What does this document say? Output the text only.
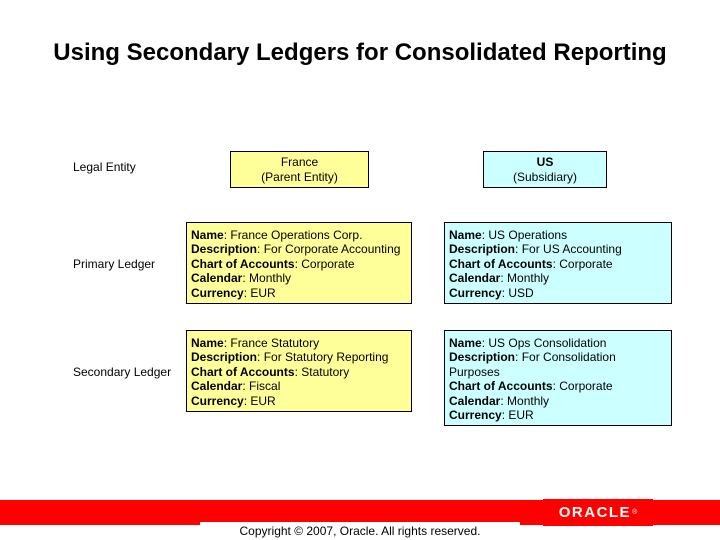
Using Secondary Ledgers for Consolidated Reporting
Legal Entity
Primary Ledger
Secondary Ledger
France
(Parent Entity)
US
(Subsidiary)
Name: France Operations Corp.
Description: For Corporate Accounting
Chart of Accounts: Corporate
Calendar: Monthly
Currency: EUR
Name: US Operations
Description: For US Accounting
Chart of Accounts: Corporate
Calendar: Monthly
Currency: USD
Name: France Statutory
Description: For Statutory Reporting
Chart of Accounts: Statutory
Calendar: Fiscal
Currency: EUR
Name: US Ops Consolidation
Description: For Consolidation Purposes
Chart of Accounts: Corporate
Calendar: Monthly
Currency: EUR
ORACLE ®
Copyright © 2007, Oracle. All rights reserved.
